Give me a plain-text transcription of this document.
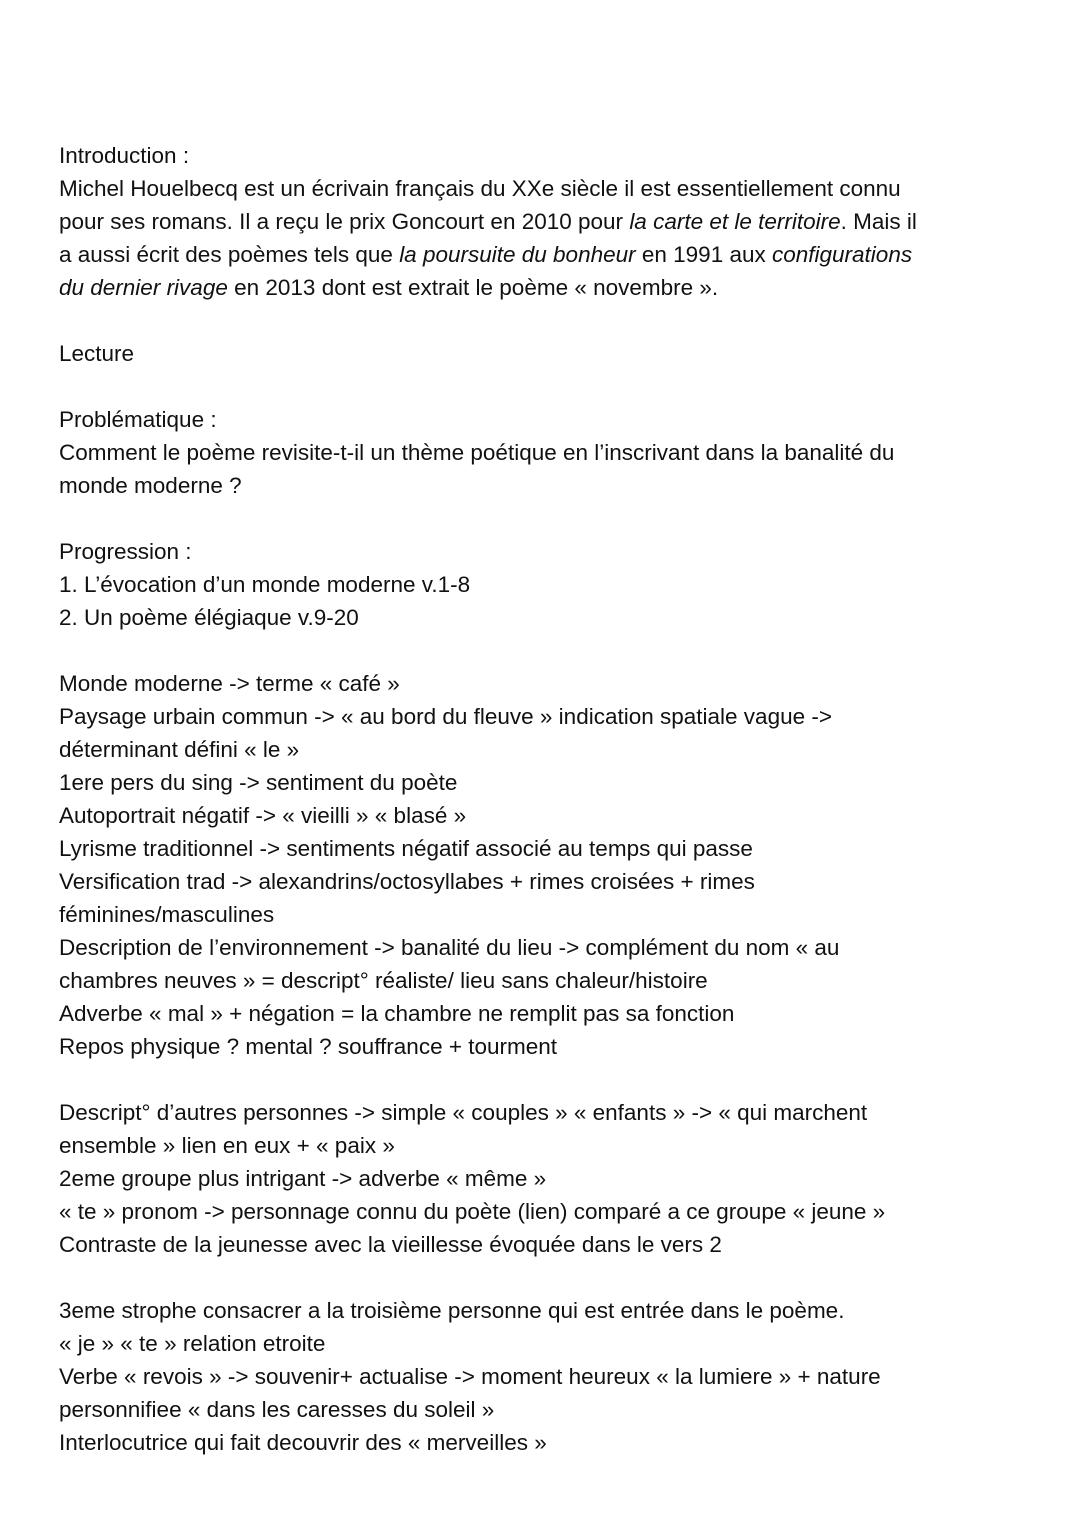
Introduction :
Michel Houelbecq est un écrivain français du XXe siècle il est essentiellement connu
pour ses romans. Il a reçu le prix Goncourt en 2010 pour la carte et le territoire. Mais il
a aussi écrit des poèmes tels que la poursuite du bonheur en 1991 aux configurations
du dernier rivage en 2013 dont est extrait le poème « novembre ».
Lecture
Problématique :
Comment le poème revisite-t-il un thème poétique en l’inscrivant dans la banalité du
monde moderne ?
Progression :
1. L’évocation d’un monde moderne v.1-8
2. Un poème élégiaque v.9-20
Monde moderne -> terme « café »
Paysage urbain commun -> « au bord du fleuve » indication spatiale vague ->
déterminant défini « le »
1ere pers du sing -> sentiment du poète
Autoportrait négatif -> « vieilli » « blasé »
Lyrisme traditionnel -> sentiments négatif associé au temps qui passe
Versification trad -> alexandrins/octosyllabes + rimes croisées + rimes
féminines/masculines
Description de l’environnement -> banalité du lieu -> complément du nom « au
chambres neuves » = descript° réaliste/ lieu sans chaleur/histoire
Adverbe « mal » + négation = la chambre ne remplit pas sa fonction
Repos physique ? mental ? souffrance + tourment
Descript° d’autres personnes -> simple « couples » « enfants » -> « qui marchent
ensemble » lien en eux + « paix »
2eme groupe plus intrigant -> adverbe « même »
« te » pronom -> personnage connu du poète (lien) comparé a ce groupe « jeune »
Contraste de la jeunesse avec la vieillesse évoquée dans le vers 2
3eme strophe consacrer a la troisième personne qui est entrée dans le poème.
« je » « te » relation etroite
Verbe « revois » -> souvenir+ actualise -> moment heureux « la lumiere » + nature
personnifiee « dans les caresses du soleil »
Interlocutrice qui fait decouvrir des « merveilles »
